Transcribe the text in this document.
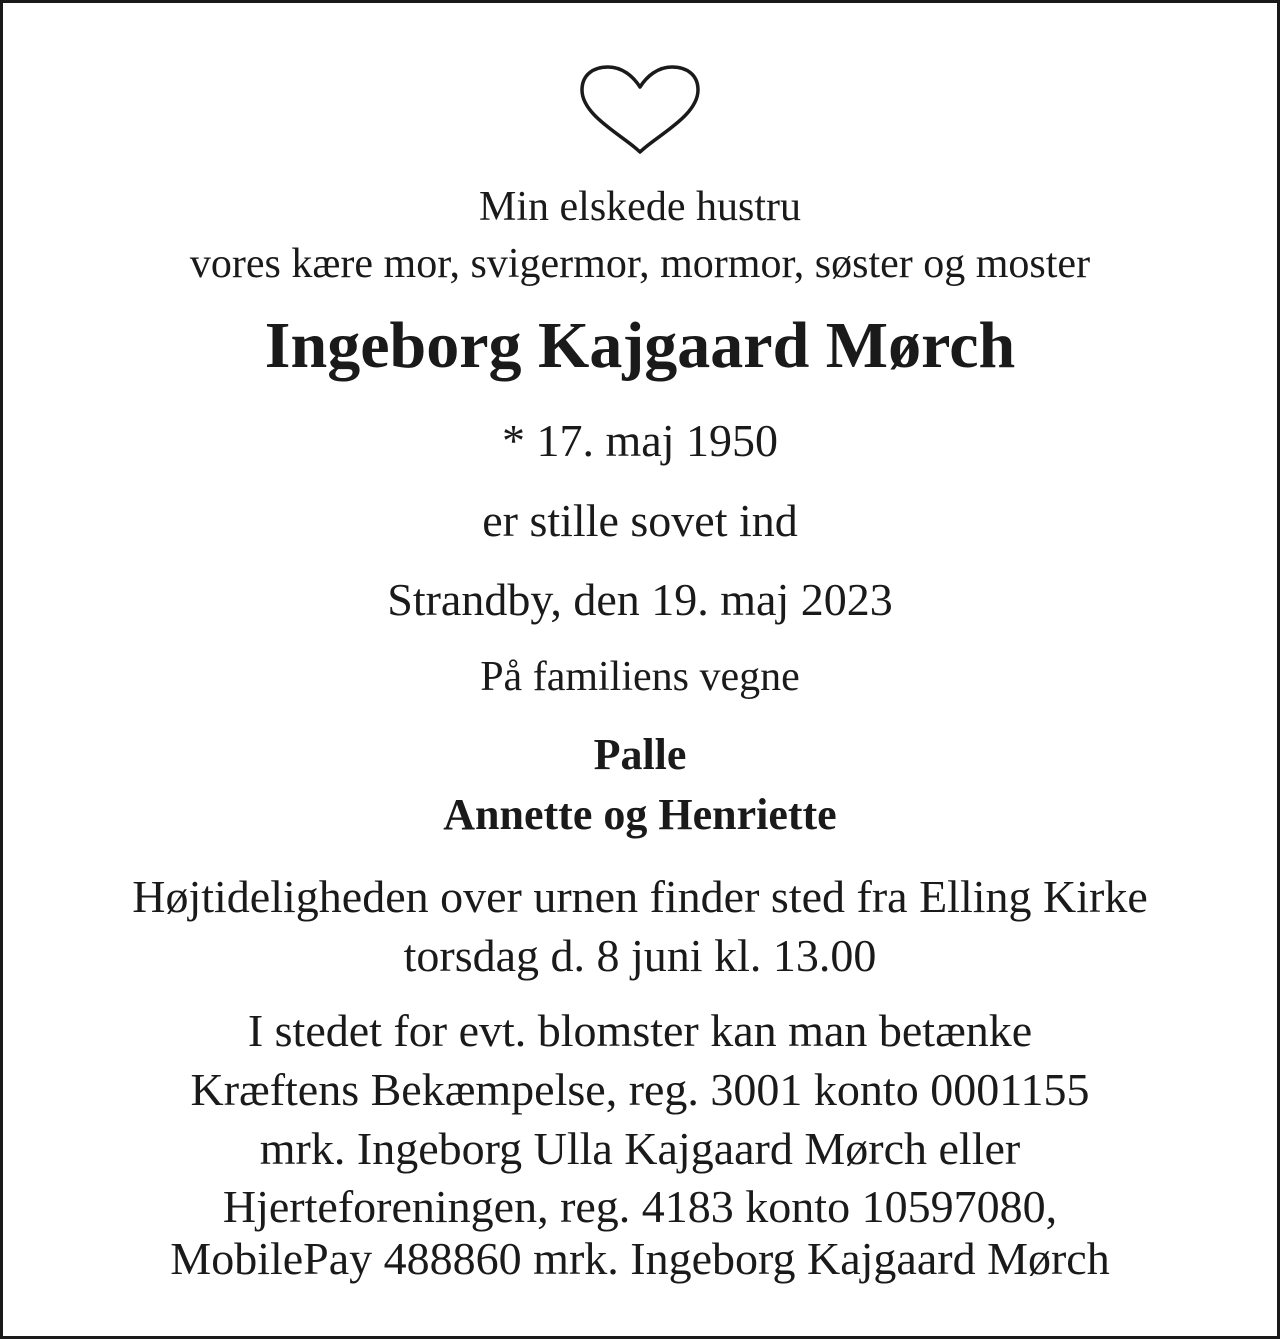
Min elskede hustru
vores kære mor, svigermor, mormor, søster og moster
Ingeborg Kajgaard Mørch
* 17. maj 1950
er stille sovet ind
Strandby, den 19. maj 2023
På familiens vegne
Palle
Annette og Henriette
Højtideligheden over urnen finder sted fra Elling Kirke
torsdag d. 8 juni kl. 13.00
I stedet for evt. blomster kan man betænke
Kræftens Bekæmpelse, reg. 3001 konto 0001155
mrk. Ingeborg Ulla Kajgaard Mørch eller
Hjerteforeningen, reg. 4183 konto 10597080,
MobilePay 488860 mrk. Ingeborg Kajgaard Mørch
